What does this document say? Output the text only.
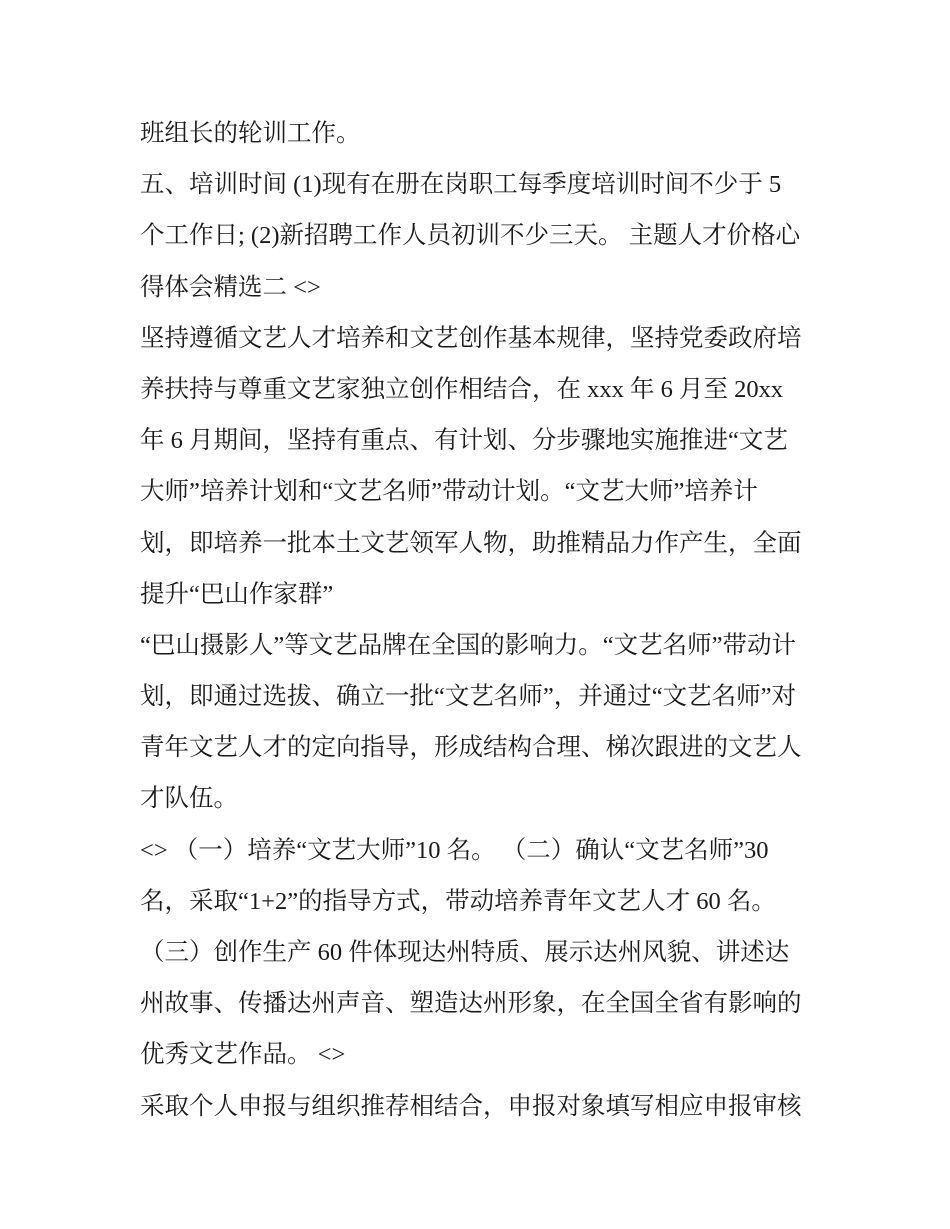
班组长的轮训工作。
五、培训时间 (1)现有在册在岗职工每季度培训时间不少于 5
个工作日; (2)新招聘工作人员初训不少三天。 主题人才价格心
得体会精选二 <>
坚持遵循文艺人才培养和文艺创作基本规律，坚持党委政府培
养扶持与尊重文艺家独立创作相结合，在 xxx 年 6 月至 20xx
年 6 月期间，坚持有重点、有计划、分步骤地实施推进“文艺
大师”培养计划和“文艺名师”带动计划。“文艺大师”培养计
划，即培养一批本土文艺领军人物，助推精品力作产生，全面
提升“巴山作家群”
“巴山摄影人”等文艺品牌在全国的影响力。“文艺名师”带动计
划，即通过选拔、确立一批“文艺名师”，并通过“文艺名师”对
青年文艺人才的定向指导，形成结构合理、梯次跟进的文艺人
才队伍。
<> （一）培养“文艺大师”10 名。 （二）确认“文艺名师”30
名，采取“1+2”的指导方式，带动培养青年文艺人才 60 名。
（三）创作生产 60 件体现达州特质、展示达州风貌、讲述达
州故事、传播达州声音、塑造达州形象，在全国全省有影响的
优秀文艺作品。 <>
采取个人申报与组织推荐相结合，申报对象填写相应申报审核
